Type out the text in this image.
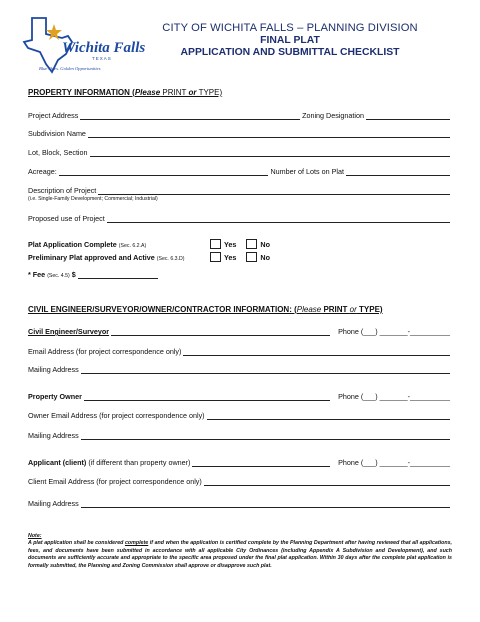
Wichita Falls
TEXAS
Blue Skies. Golden Opportunities
CITY OF WICHITA FALLS – PLANNING DIVISION
FINAL PLAT
APPLICATION AND SUBMITTAL CHECKLIST
PROPERTY INFORMATION (Please PRINT or TYPE)
Project Address	Zoning Designation
Subdivision Name
Lot, Block, Section
Acreage:	Number of Lots on Plat
Description of Project
(i.e. Single-Family Development; Commercial; Industrial)
Proposed use of Project
Plat Application Complete (Sec. 6.2.A)	Yes	No
Preliminary Plat approved and Active (Sec. 6.3.D)	Yes	No
* Fee (Sec. 4.5) $
CIVIL ENGINEER/SURVEYOR/OWNER/CONTRACTOR INFORMATION: (Please PRINT or TYPE)
Civil Engineer/Surveyor	Phone (___) _______-__________
Email Address (for project correspondence only)
Mailing Address
Property Owner	Phone (___) _______-__________
Owner Email Address (for project correspondence only)
Mailing Address
Applicant (client) (if different than property owner)	Phone (___) _______-__________
Client Email Address (for project correspondence only)
Mailing Address
Note:
A plat application shall be considered complete if and when the application is certified complete by the Planning Department after having reviewed that all applications, fees, and documents have been submitted in accordance with all applicable City Ordinances (including Appendix A Subdivision and Development), and such documents are sufficiently accurate and appropriate to the specific area proposed under the final plat application. Within 30 days after the complete plat application is formally submitted, the Planning and Zoning Commission shall approve or disapprove such plat.
